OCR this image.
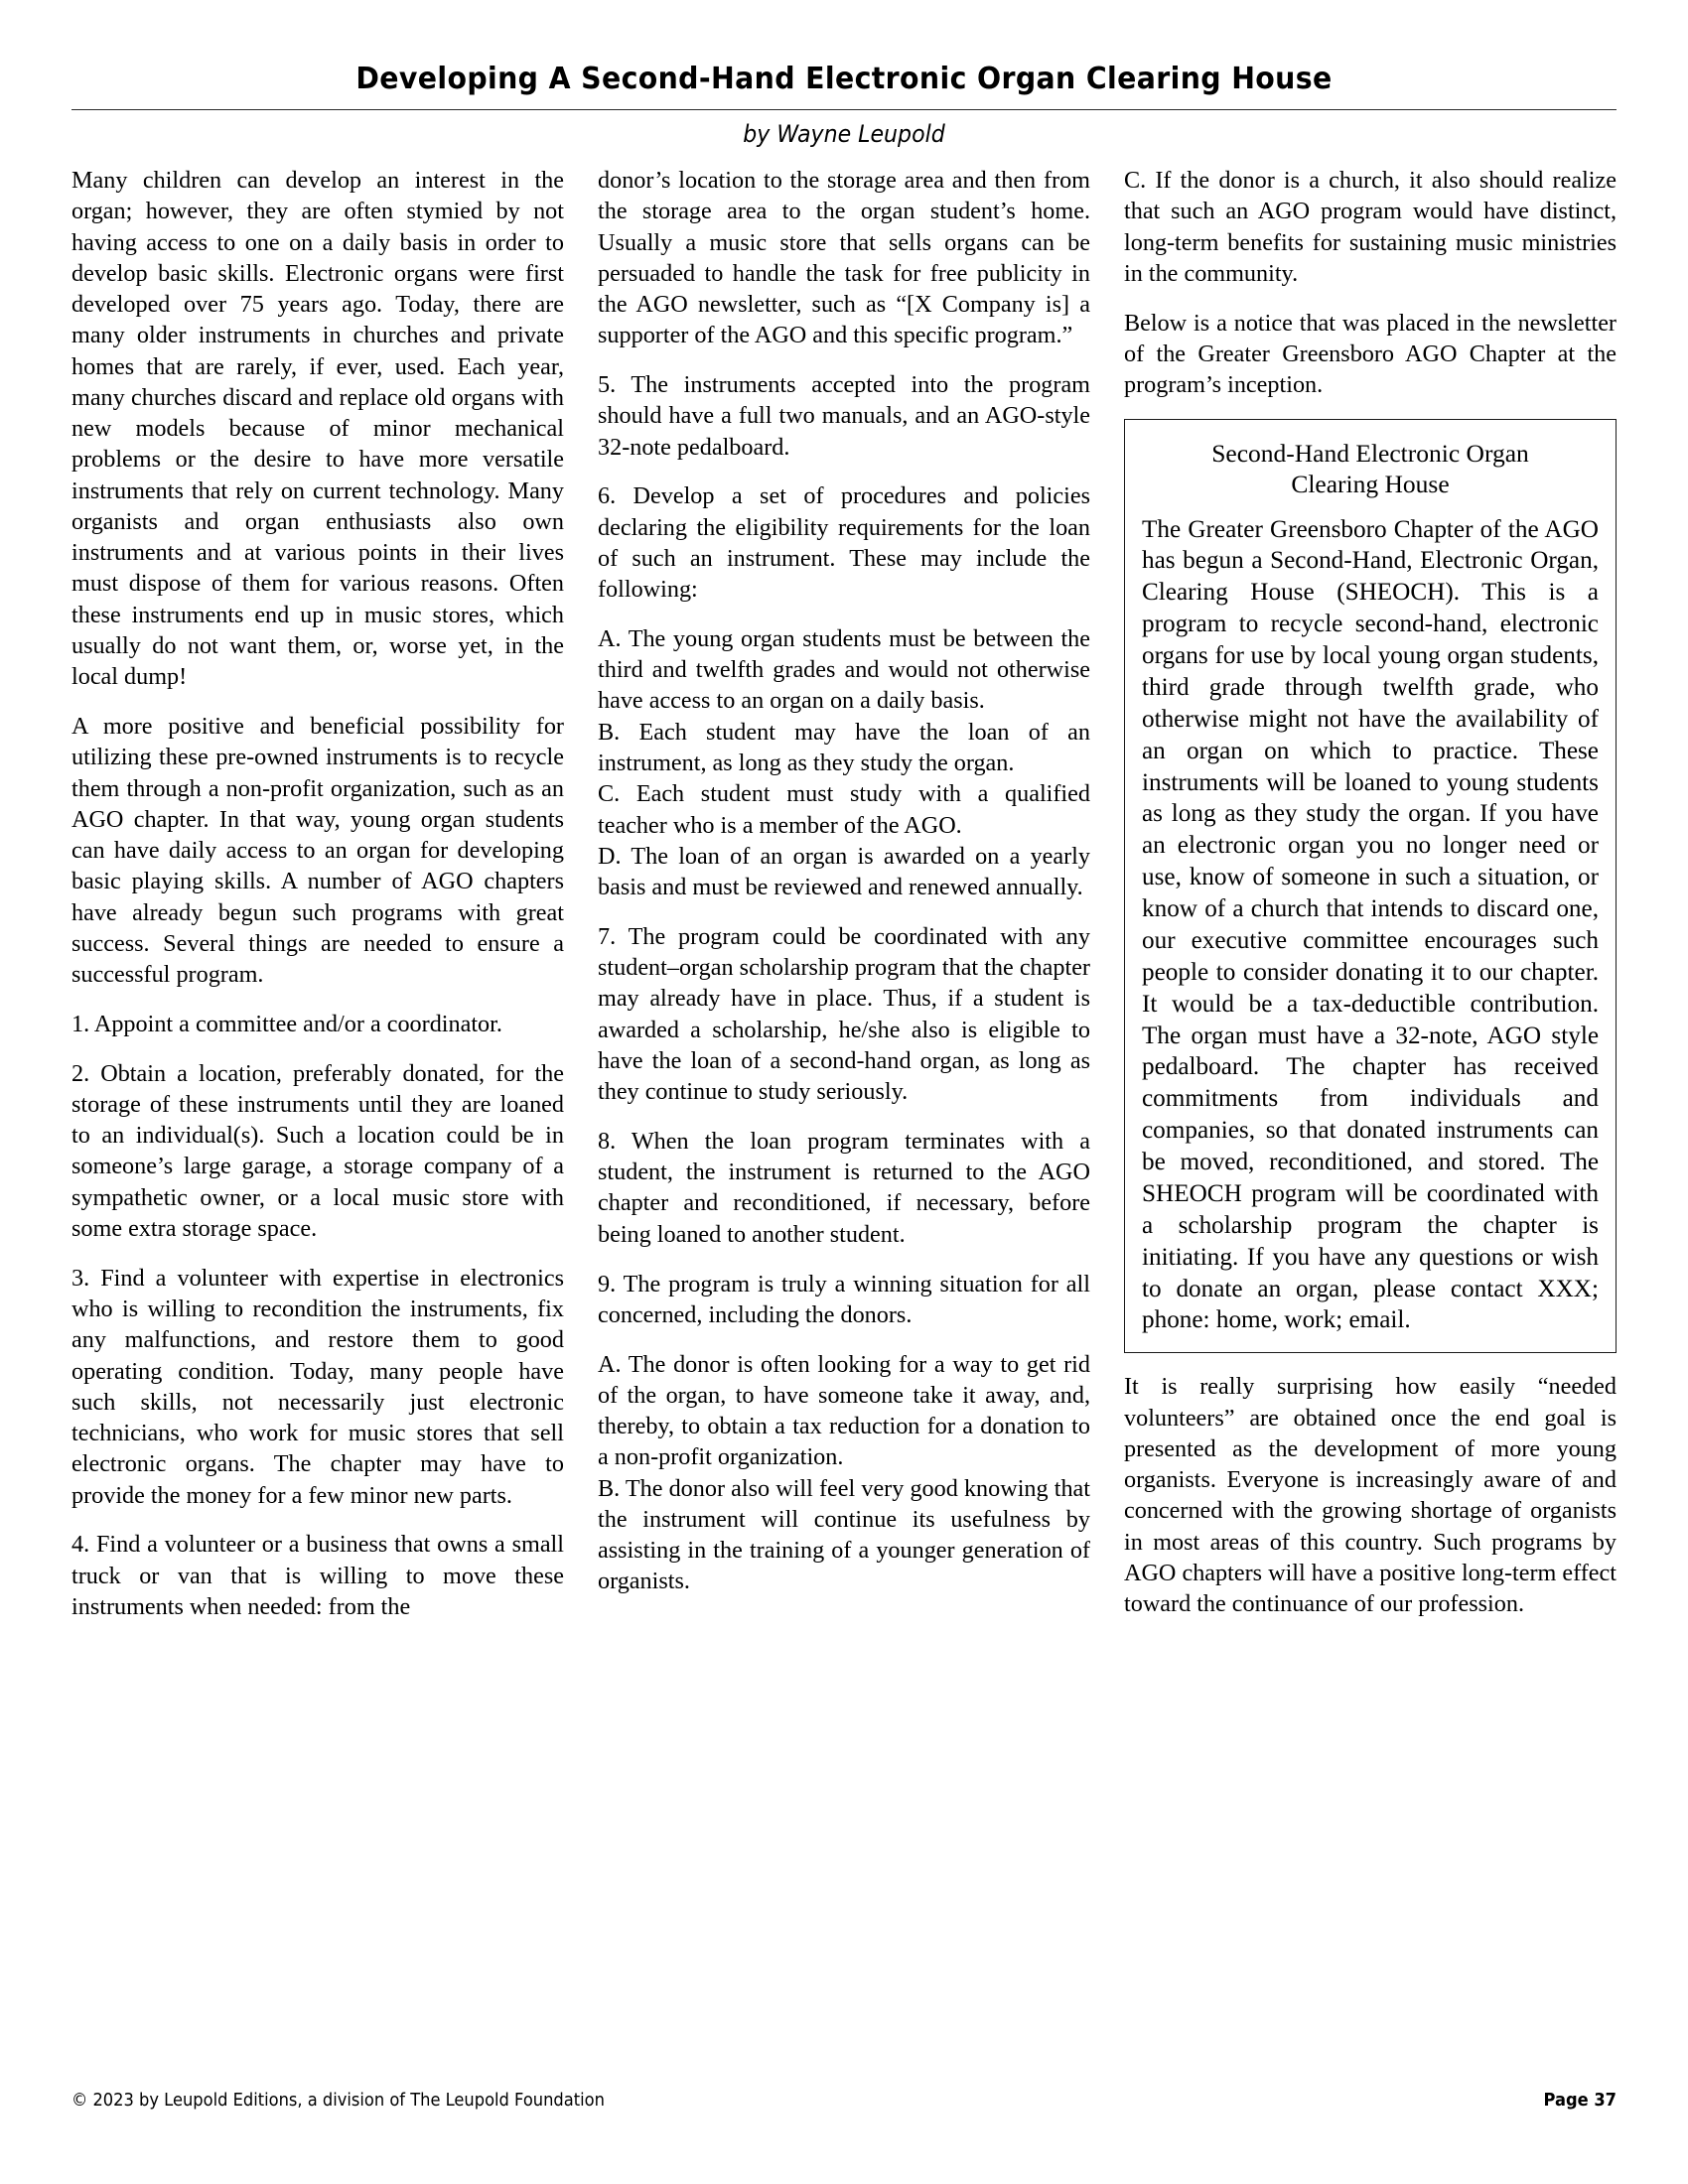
Developing A Second-Hand Electronic Organ Clearing House
by Wayne Leupold

Many children can develop an interest in the organ; however, they are often stymied by not having access to one on a daily basis in order to develop basic skills. Electronic organs were first developed over 75 years ago. Today, there are many older instruments in churches and private homes that are rarely, if ever, used. Each year, many churches discard and replace old organs with new models because of minor mechanical problems or the desire to have more versatile instruments that rely on current technology. Many organists and organ enthusiasts also own instruments and at various points in their lives must dispose of them for various reasons. Often these instruments end up in music stores, which usually do not want them, or, worse yet, in the local dump!

A more positive and beneficial possibility for utilizing these pre-owned instruments is to recycle them through a non-profit organization, such as an AGO chapter. In that way, young organ students can have daily access to an organ for developing basic playing skills. A number of AGO chapters have already begun such programs with great success. Several things are needed to ensure a successful program.

1. Appoint a committee and/or a coordinator.

2. Obtain a location, preferably donated, for the storage of these instruments until they are loaned to an individual(s). Such a location could be in someone’s large garage, a storage company of a sympathetic owner, or a local music store with some extra storage space.

3. Find a volunteer with expertise in electronics who is willing to recondition the instruments, fix any malfunctions, and restore them to good operating condition. Today, many people have such skills, not necessarily just electronic technicians, who work for music stores that sell electronic organs. The chapter may have to provide the money for a few minor new parts.

4. Find a volunteer or a business that owns a small truck or van that is willing to move these instruments when needed: from the

donor’s location to the storage area and then from the storage area to the organ student’s home. Usually a music store that sells organs can be persuaded to handle the task for free publicity in the AGO newsletter, such as “[X Company is] a supporter of the AGO and this specific program.”

5. The instruments accepted into the program should have a full two manuals, and an AGO-style 32-note pedalboard.

6. Develop a set of procedures and policies declaring the eligibility requirements for the loan of such an instrument. These may include the following:

A. The young organ students must be between the third and twelfth grades and would not otherwise have access to an organ on a daily basis.

B. Each student may have the loan of an instrument, as long as they study the organ.

C. Each student must study with a qualified teacher who is a member of the AGO.

D. The loan of an organ is awarded on a yearly basis and must be reviewed and renewed annually.

7. The program could be coordinated with any student–organ scholarship program that the chapter may already have in place. Thus, if a student is awarded a scholarship, he/she also is eligible to have the loan of a second-hand organ, as long as they continue to study seriously.

8. When the loan program terminates with a student, the instrument is returned to the AGO chapter and reconditioned, if necessary, before being loaned to another student.

9. The program is truly a winning situation for all concerned, including the donors.

A. The donor is often looking for a way to get rid of the organ, to have someone take it away, and, thereby, to obtain a tax reduction for a donation to a non-profit organization.

B. The donor also will feel very good knowing that the instrument will continue its usefulness by assisting in the training of a younger generation of organists.

C. If the donor is a church, it also should realize that such an AGO program would have distinct, long-term benefits for sustaining music ministries in the community.

Below is a notice that was placed in the newsletter of the Greater Greensboro AGO Chapter at the program’s inception.

Second-Hand Electronic Organ
Clearing House

The Greater Greensboro Chapter of the AGO has begun a Second-Hand, Electronic Organ, Clearing House (SHEOCH). This is a program to recycle second-hand, electronic organs for use by local young organ students, third grade through twelfth grade, who otherwise might not have the availability of an organ on which to practice. These instruments will be loaned to young students as long as they study the organ. If you have an electronic organ you no longer need or use, know of someone in such a situation, or know of a church that intends to discard one, our executive committee encourages such people to consider donating it to our chapter. It would be a tax-deductible contribution. The organ must have a 32-note, AGO style pedalboard. The chapter has received commitments from individuals and companies, so that donated instruments can be moved, reconditioned, and stored. The SHEOCH program will be coordinated with a scholarship program the chapter is initiating. If you have any questions or wish to donate an organ, please contact XXX; phone: home, work; email.

It is really surprising how easily “needed volunteers” are obtained once the end goal is presented as the development of more young organists. Everyone is increasingly aware of and concerned with the growing shortage of organists in most areas of this country. Such programs by AGO chapters will have a positive long-term effect toward the continuance of our profession.

© 2023 by Leupold Editions, a division of The Leupold Foundation	Page 37
